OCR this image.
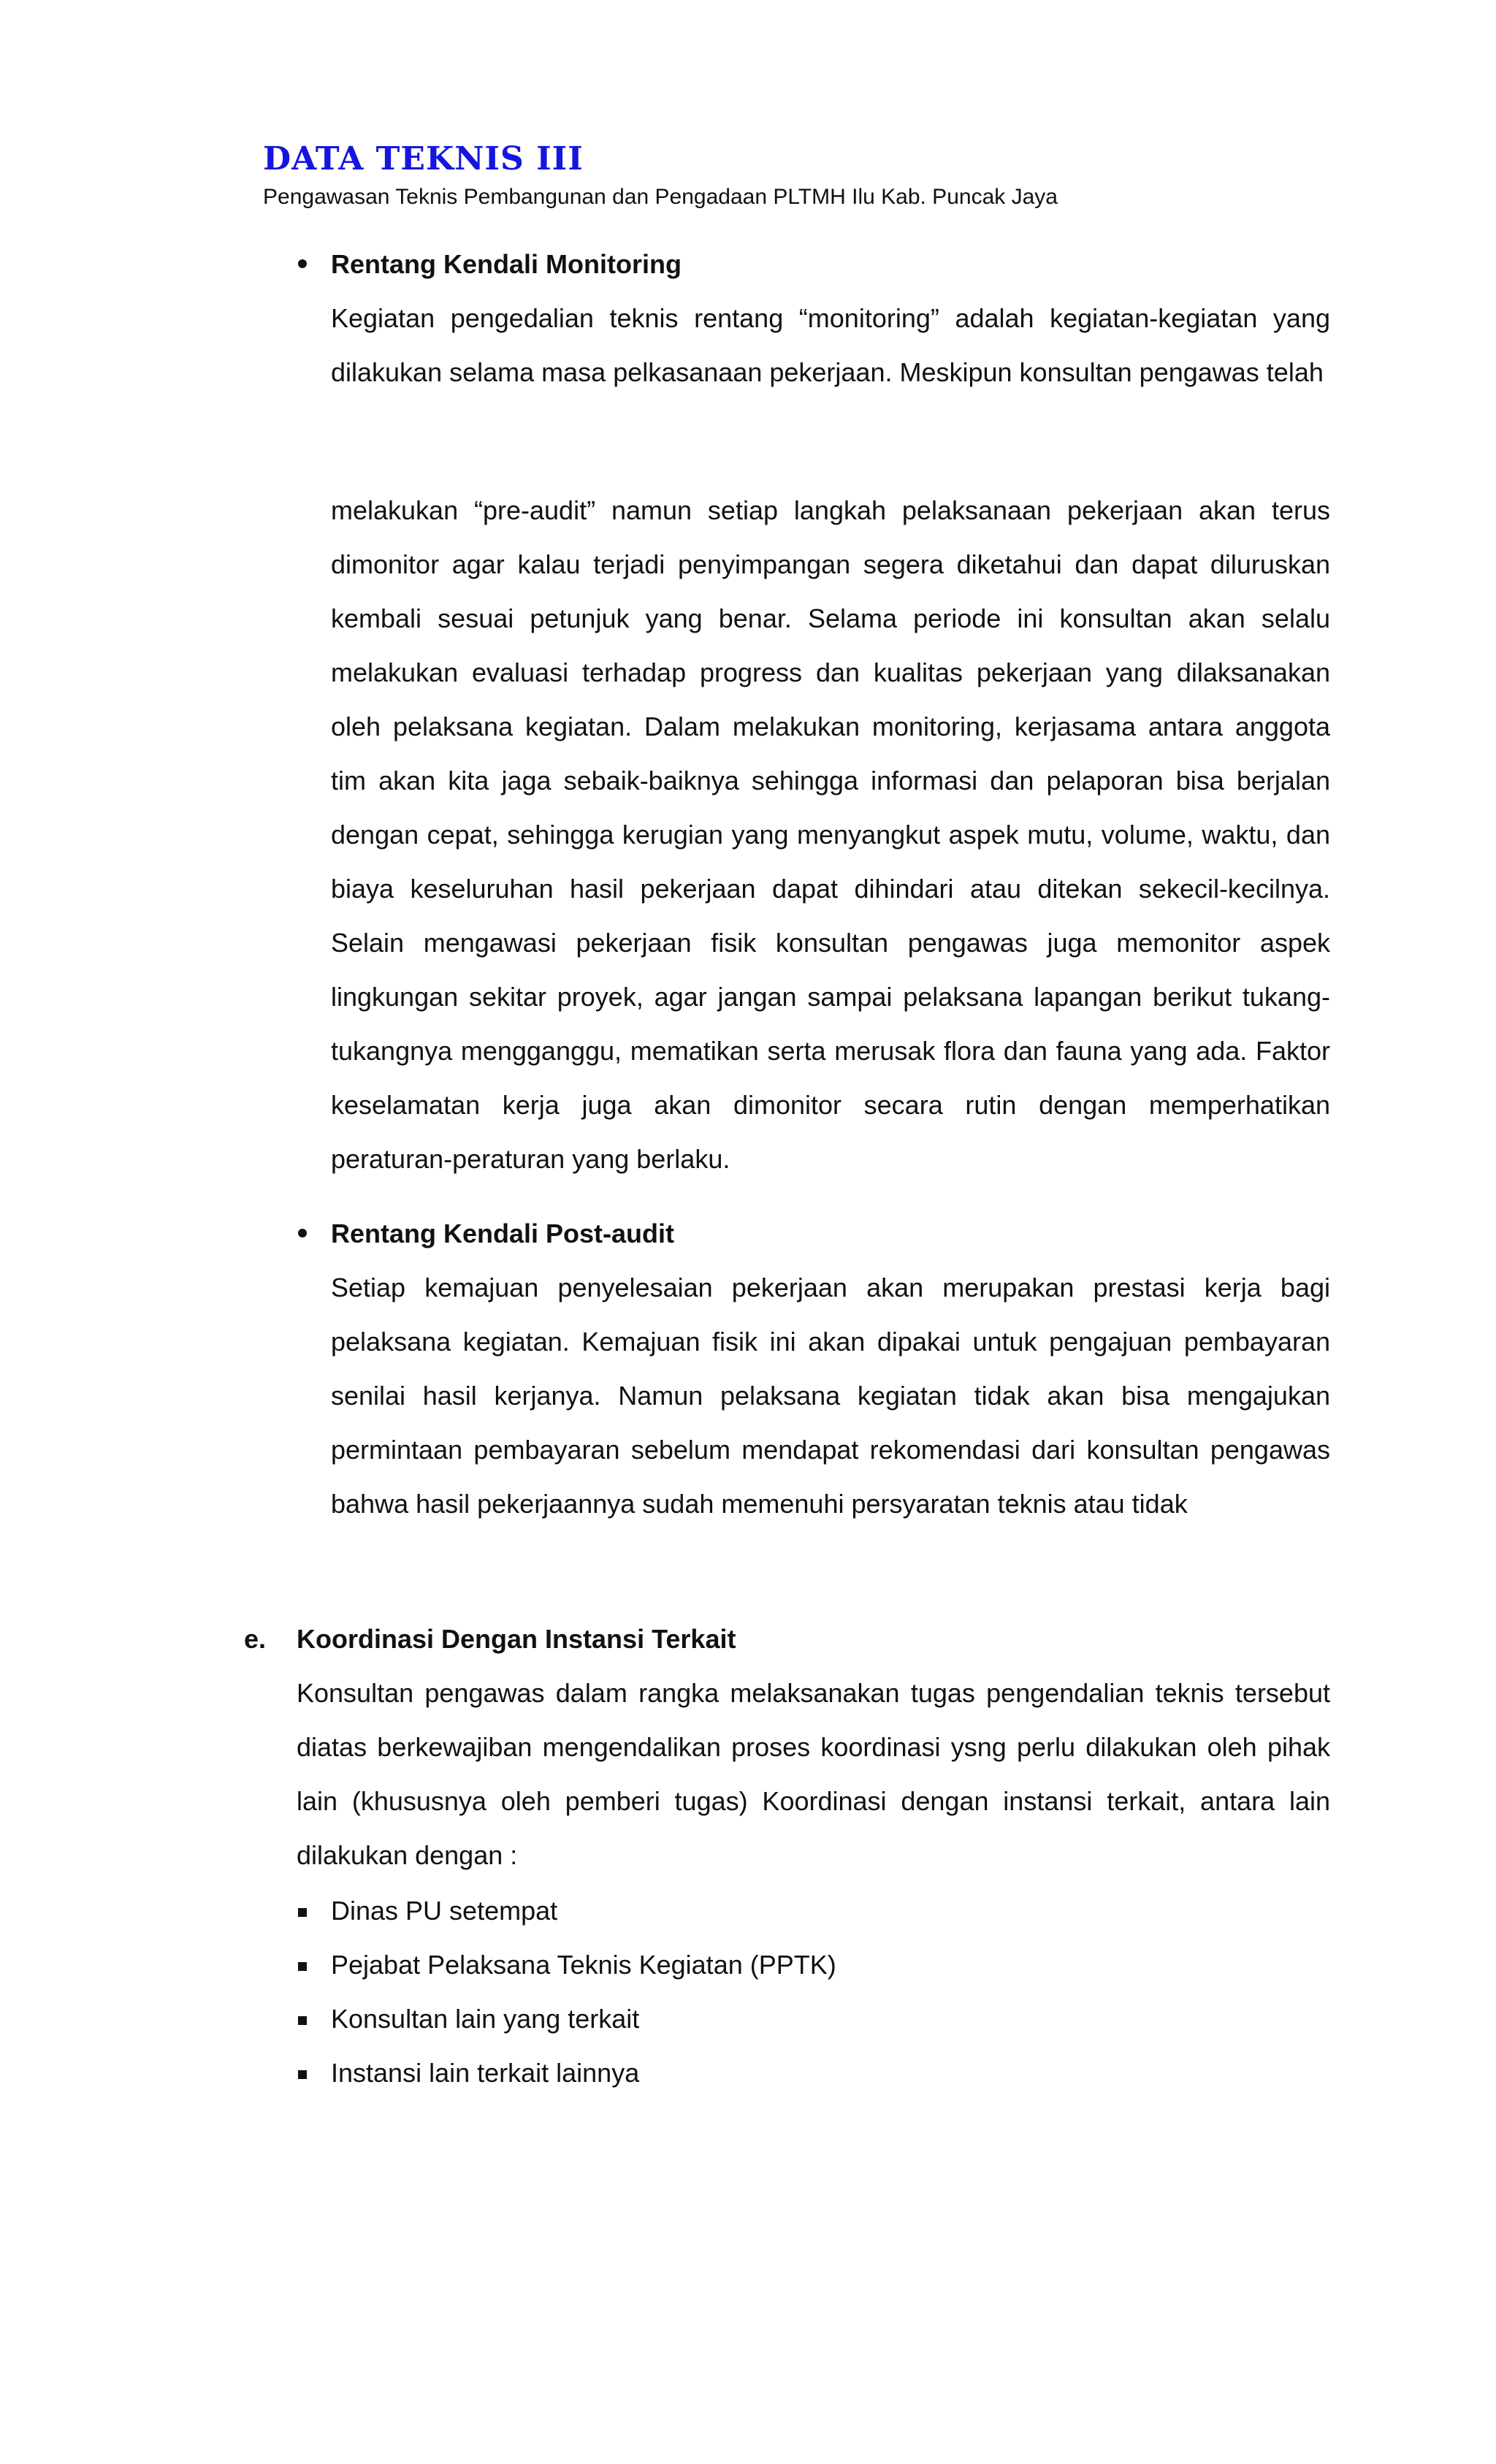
DATA TEKNIS III

Pengawasan Teknis Pembangunan dan Pengadaan PLTMH Ilu Kab. Puncak Jaya

Rentang Kendali Monitoring

Kegiatan pengedalian teknis rentang “monitoring” adalah kegiatan-kegiatan yang dilakukan selama masa pelkasanaan pekerjaan. Meskipun konsultan pengawas telah

melakukan “pre-audit” namun setiap langkah pelaksanaan pekerjaan akan terus dimonitor agar kalau terjadi penyimpangan segera diketahui dan dapat diluruskan kembali sesuai petunjuk yang benar. Selama periode ini konsultan akan selalu melakukan evaluasi terhadap progress dan kualitas pekerjaan yang dilaksanakan oleh pelaksana kegiatan. Dalam melakukan monitoring, kerjasama antara anggota tim akan kita jaga sebaik-baiknya sehingga informasi dan pelaporan bisa berjalan dengan cepat, sehingga kerugian yang menyangkut aspek mutu, volume, waktu, dan biaya keseluruhan hasil pekerjaan dapat dihindari atau ditekan sekecil-kecilnya. Selain mengawasi pekerjaan fisik konsultan pengawas juga memonitor aspek lingkungan sekitar proyek, agar jangan sampai pelaksana lapangan berikut tukang-tukangnya mengganggu, mematikan serta merusak flora dan fauna yang ada. Faktor keselamatan kerja juga akan dimonitor secara rutin dengan memperhatikan peraturan-peraturan yang berlaku.

Rentang Kendali Post-audit

Setiap kemajuan penyelesaian pekerjaan akan merupakan prestasi kerja bagi pelaksana kegiatan. Kemajuan fisik ini akan dipakai untuk pengajuan pembayaran senilai hasil kerjanya. Namun pelaksana kegiatan tidak akan bisa mengajukan permintaan pembayaran sebelum mendapat rekomendasi dari konsultan pengawas bahwa hasil pekerjaannya sudah memenuhi persyaratan teknis atau tidak

e. Koordinasi Dengan Instansi Terkait

Konsultan pengawas dalam rangka melaksanakan tugas pengendalian teknis tersebut diatas berkewajiban mengendalikan proses koordinasi ysng perlu dilakukan oleh pihak lain (khususnya oleh pemberi tugas) Koordinasi dengan instansi terkait, antara lain dilakukan dengan :

Dinas PU setempat
Pejabat Pelaksana Teknis Kegiatan (PPTK)
Konsultan lain yang terkait
Instansi lain terkait lainnya
